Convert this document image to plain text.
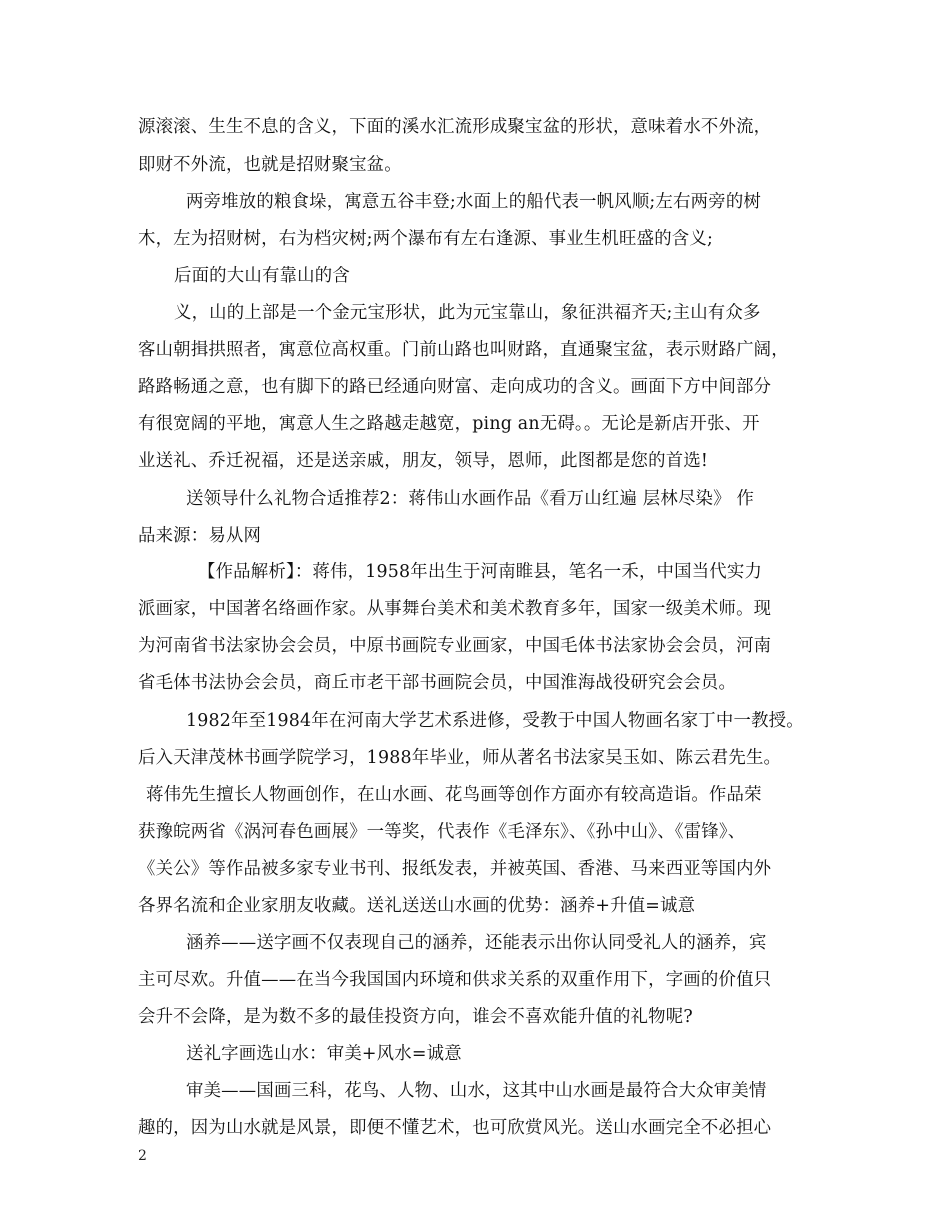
源滚滚、生生不息的含义，下面的溪水汇流形成聚宝盆的形状，意味着水不外流，
即财不外流，也就是招财聚宝盆。
两旁堆放的粮食垛，寓意五谷丰登;水面上的船代表一帆风顺;左右两旁的树
木，左为招财树，右为档灾树;两个瀑布有左右逢源、事业生机旺盛的含义;
后面的大山有靠山的含
义，山的上部是一个金元宝形状，此为元宝靠山，象征洪福齐天;主山有众多
客山朝揖拱照者，寓意位高权重。门前山路也叫财路，直通聚宝盆，表示财路广阔，
路路畅通之意，也有脚下的路已经通向财富、走向成功的含义。画面下方中间部分
有很宽阔的平地，寓意人生之路越走越宽，ping an无碍。。无论是新店开张、开
业送礼、乔迁祝福，还是送亲戚，朋友，领导，恩师，此图都是您的首选!
送领导什么礼物合适推荐2：蒋伟山水画作品《看万山红遍 层林尽染》 作
品来源：易从网
【作品解析】：蒋伟，1958年出生于河南睢县，笔名一禾，中国当代实力
派画家，中国著名络画作家。从事舞台美术和美术教育多年，国家一级美术师。现
为河南省书法家协会会员，中原书画院专业画家，中国毛体书法家协会会员，河南
省毛体书法协会会员，商丘市老干部书画院会员，中国淮海战役研究会会员。
1982年至1984年在河南大学艺术系进修，受教于中国人物画名家丁中一教授。
后入天津茂林书画学院学习，1988年毕业，师从著名书法家吴玉如、陈云君先生。
蒋伟先生擅长人物画创作，在山水画、花鸟画等创作方面亦有较高造诣。作品荣
获豫皖两省《涡河春色画展》一等奖，代表作《毛泽东》、《孙中山》、《雷锋》、
《关公》等作品被多家专业书刊、报纸发表，并被英国、香港、马来西亚等国内外
各界名流和企业家朋友收藏。送礼送送山水画的优势：涵养+升值=诚意
涵养——送字画不仅表现自己的涵养，还能表示出你认同受礼人的涵养，宾
主可尽欢。升值——在当今我国国内环境和供求关系的双重作用下，字画的价值只
会升不会降，是为数不多的最佳投资方向，谁会不喜欢能升值的礼物呢?
送礼字画选山水：审美+风水=诚意
审美——国画三科，花鸟、人物、山水，这其中山水画是最符合大众审美情
趣的，因为山水就是风景，即便不懂艺术，也可欣赏风光。送山水画完全不必担心
2
